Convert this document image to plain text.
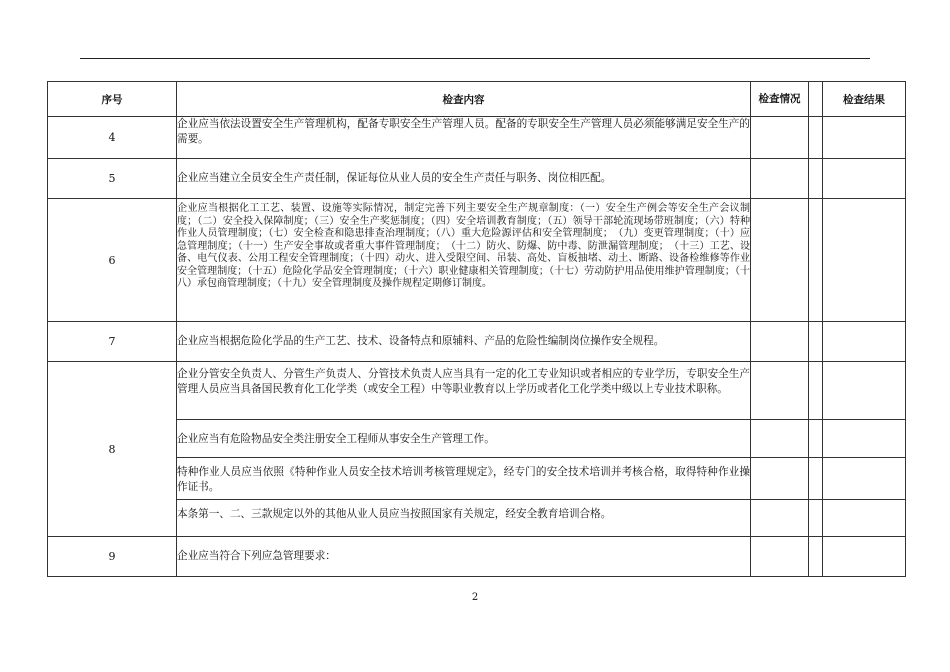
序号	检查内容	检查情况		检查结果
4	企业应当依法设置安全生产管理机构，配备专职安全生产管理人员。配备的专职安全生产管理人员必须能够满足安全生产的需要。			
5	企业应当建立全员安全生产责任制，保证每位从业人员的安全生产责任与职务、岗位相匹配。			
6	企业应当根据化工工艺、装置、设施等实际情况，制定完善下列主要安全生产规章制度：（一）安全生产例会等安全生产会议制度；（二）安全投入保障制度；（三）安全生产奖惩制度；（四）安全培训教育制度；（五）领导干部轮流现场带班制度；（六）特种作业人员管理制度；（七）安全检查和隐患排查治理制度；（八）重大危险源评估和安全管理制度；　（九）变更管理制度；（十）应急管理制度；（十一）生产安全事故或者重大事件管理制度；　（十二）防火、防爆、防中毒、防泄漏管理制度；　（十三）工艺、设备、电气仪表、公用工程安全管理制度；（十四）动火、进入受限空间、吊装、高处、盲板抽堵、动土、断路、设备检维修等作业安全管理制度；（十五）危险化学品安全管理制度；（十六）职业健康相关管理制度；（十七）劳动防护用品使用维护管理制度；（十八）承包商管理制度；（十九）安全管理制度及操作规程定期修订制度。			
7	企业应当根据危险化学品的生产工艺、技术、设备特点和原辅料、产品的危险性编制岗位操作安全规程。			
8	企业分管安全负责人、分管生产负责人、分管技术负责人应当具有一定的化工专业知识或者相应的专业学历，专职安全生产管理人员应当具备国民教育化工化学类（或安全工程）中等职业教育以上学历或者化工化学类中级以上专业技术职称。			
	企业应当有危险物品安全类注册安全工程师从事安全生产管理工作。			
	特种作业人员应当依照《特种作业人员安全技术培训考核管理规定》，经专门的安全技术培训并考核合格，取得特种作业操作证书。			
	本条第一、二、三款规定以外的其他从业人员应当按照国家有关规定，经安全教育培训合格。			
9	企业应当符合下列应急管理要求：			
2
